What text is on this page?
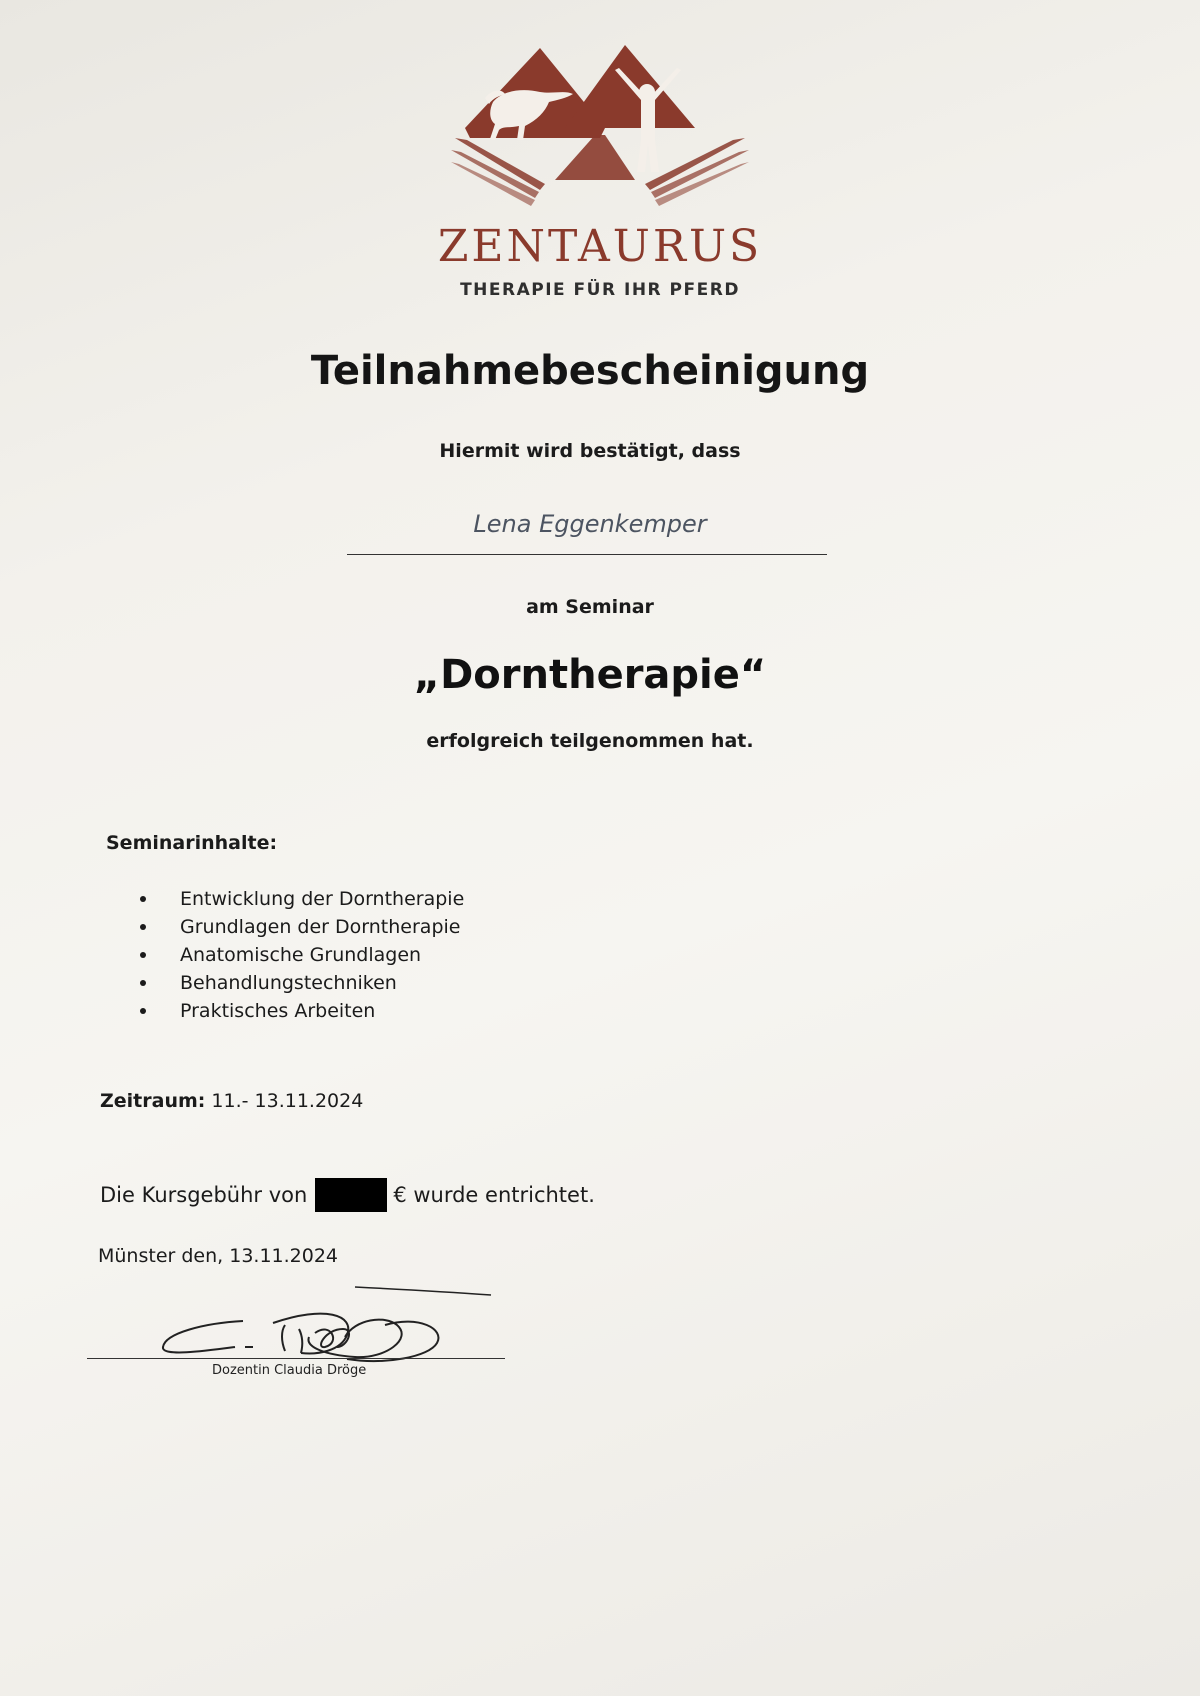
ZENTAURUS
THERAPIE FÜR IHR PFERD
Teilnahmebescheinigung
Hiermit wird bestätigt, dass
Lena Eggenkemper
am Seminar
„Dorntherapie“
erfolgreich teilgenommen hat.
Seminarinhalte:
Entwicklung der Dorntherapie
Grundlagen der Dorntherapie
Anatomische Grundlagen
Behandlungstechniken
Praktisches Arbeiten
Zeitraum: 11.- 13.11.2024
Die Kursgebühr von	€ wurde entrichtet.
Münster den, 13.11.2024
Dozentin Claudia Dröge
